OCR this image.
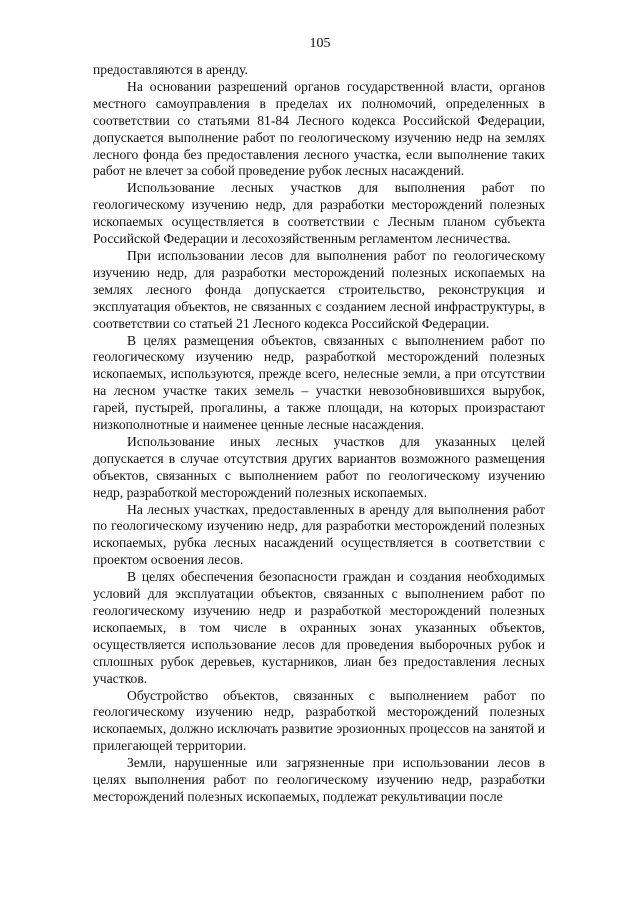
105

предоставляются в аренду.

На основании разрешений органов государственной власти, органов местного самоуправления в пределах их полномочий, определенных в соответствии со статьями 81-84 Лесного кодекса Российской Федерации, допускается выполнение работ по геологическому изучению недр на землях лесного фонда без предоставления лесного участка, если выполнение таких работ не влечет за собой проведение рубок лесных насаждений.

Использование лесных участков для выполнения работ по геологическому изучению недр, для разработки месторождений полезных ископаемых осуществляется в соответствии с Лесным планом субъекта Российской Федерации и лесохозяйственным регламентом лесничества.

При использовании лесов для выполнения работ по геологическому изучению недр, для разработки месторождений полезных ископаемых на землях лесного фонда допускается строительство, реконструкция и эксплуатация объектов, не связанных с созданием лесной инфраструктуры, в соответствии со статьей 21 Лесного кодекса Российской Федерации.

В целях размещения объектов, связанных с выполнением работ по геологическому изучению недр, разработкой месторождений полезных ископаемых, используются, прежде всего, нелесные земли, а при отсутствии на лесном участке таких земель – участки невозобновившихся вырубок, гарей, пустырей, прогалины, а также площади, на которых произрастают низкополнотные и наименее ценные лесные насаждения.

Использование иных лесных участков для указанных целей допускается в случае отсутствия других вариантов возможного размещения объектов, связанных с выполнением работ по геологическому изучению недр, разработкой месторождений полезных ископаемых.

На лесных участках, предоставленных в аренду для выполнения работ по геологическому изучению недр, для разработки месторождений полезных ископаемых, рубка лесных насаждений осуществляется в соответствии с проектом освоения лесов.

В целях обеспечения безопасности граждан и создания необходимых условий для эксплуатации объектов, связанных с выполнением работ по геологическому изучению недр и разработкой месторождений полезных ископаемых, в том числе в охранных зонах указанных объектов, осуществляется использование лесов для проведения выборочных рубок и сплошных рубок деревьев, кустарников, лиан без предоставления лесных участков.

Обустройство объектов, связанных с выполнением работ по геологическому изучению недр, разработкой месторождений полезных ископаемых, должно исключать развитие эрозионных процессов на занятой и прилегающей территории.

Земли, нарушенные или загрязненные при использовании лесов в целях выполнения работ по геологическому изучению недр, разработки месторождений полезных ископаемых, подлежат рекультивации после
